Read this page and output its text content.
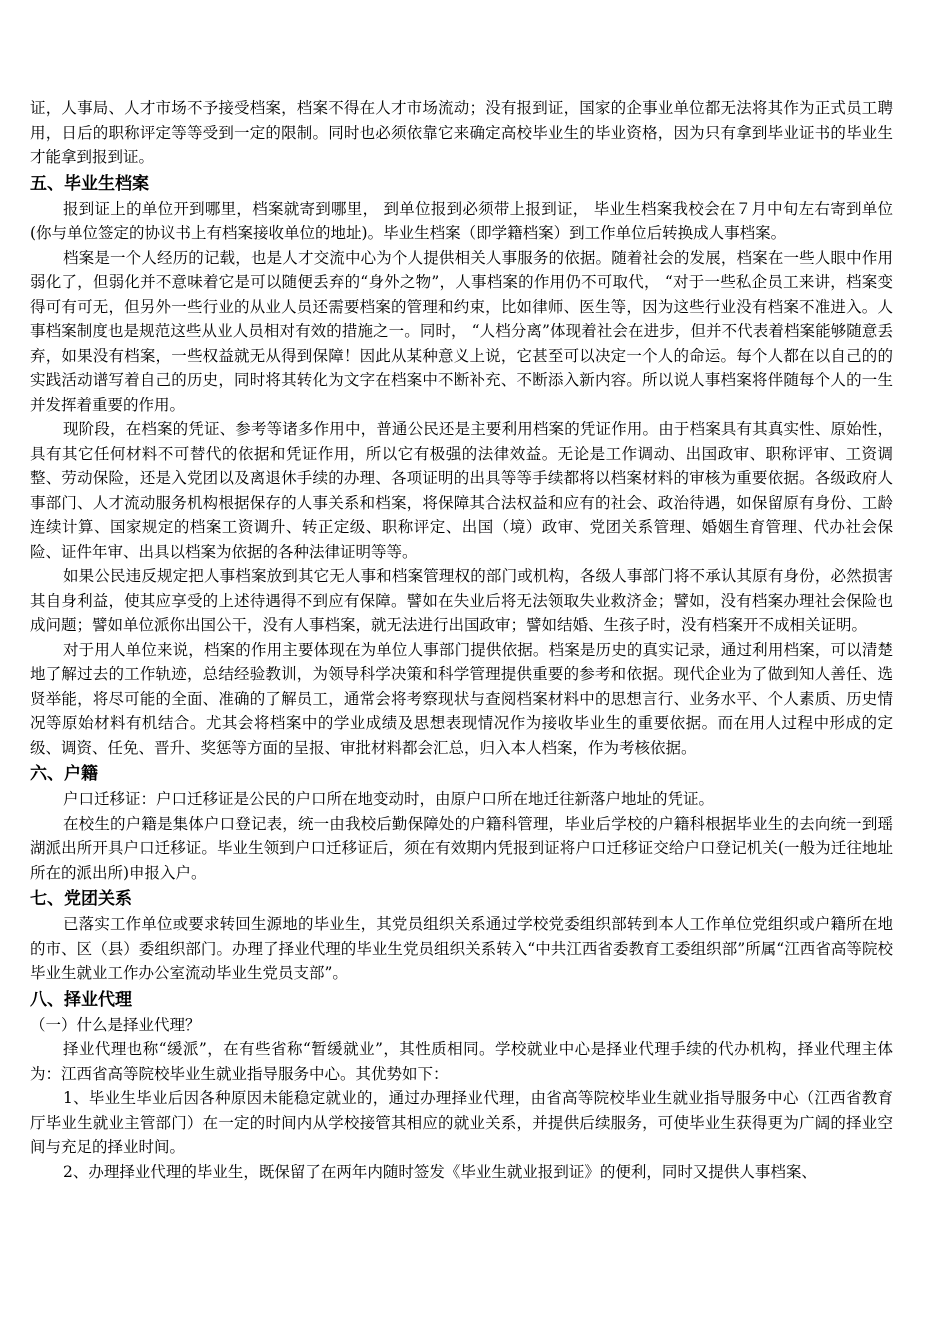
证，人事局、人才市场不予接受档案，档案不得在人才市场流动；没有报到证，国家的企事业单位都无法将其作为正式员工聘用，日后的职称评定等等受到一定的限制。同时也必须依靠它来确定高校毕业生的毕业资格，因为只有拿到毕业证书的毕业生才能拿到报到证。

五、毕业生档案

报到证上的单位开到哪里，档案就寄到哪里， 到单位报到必须带上报到证， 毕业生档案我校会在７月中旬左右寄到单位(你与单位签定的协议书上有档案接收单位的地址)。毕业生档案（即学籍档案）到工作单位后转换成人事档案。

档案是一个人经历的记载，也是人才交流中心为个人提供相关人事服务的依据。随着社会的发展，档案在一些人眼中作用弱化了，但弱化并不意味着它是可以随便丢弃的“身外之物”，人事档案的作用仍不可取代， “对于一些私企员工来讲，档案变得可有可无，但另外一些行业的从业人员还需要档案的管理和约束，比如律师、医生等，因为这些行业没有档案不准进入。人事档案制度也是规范这些从业人员相对有效的措施之一。同时， “人档分离”体现着社会在进步，但并不代表着档案能够随意丢弃，如果没有档案，一些权益就无从得到保障！因此从某种意义上说，它甚至可以决定一个人的命运。每个人都在以自己的的实践活动谱写着自己的历史，同时将其转化为文字在档案中不断补充、不断添入新内容。所以说人事档案将伴随每个人的一生并发挥着重要的作用。

现阶段，在档案的凭证、参考等诸多作用中，普通公民还是主要利用档案的凭证作用。由于档案具有其真实性、原始性，具有其它任何材料不可替代的依据和凭证作用，所以它有极强的法律效益。无论是工作调动、出国政审、职称评审、工资调整、劳动保险，还是入党团以及离退休手续的办理、各项证明的出具等等手续都将以档案材料的审核为重要依据。各级政府人事部门、人才流动服务机构根据保存的人事关系和档案，将保障其合法权益和应有的社会、政治待遇，如保留原有身份、工龄连续计算、国家规定的档案工资调升、转正定级、职称评定、出国（境）政审、党团关系管理、婚姻生育管理、代办社会保险、证件年审、出具以档案为依据的各种法律证明等等。

如果公民违反规定把人事档案放到其它无人事和档案管理权的部门或机构，各级人事部门将不承认其原有身份，必然损害其自身利益，使其应享受的上述待遇得不到应有保障。譬如在失业后将无法领取失业救济金；譬如，没有档案办理社会保险也成问题；譬如单位派你出国公干，没有人事档案，就无法进行出国政审；譬如结婚、生孩子时，没有档案开不成相关证明。

对于用人单位来说，档案的作用主要体现在为单位人事部门提供依据。档案是历史的真实记录，通过利用档案，可以清楚地了解过去的工作轨迹，总结经验教训，为领导科学决策和科学管理提供重要的参考和依据。现代企业为了做到知人善任、选贤举能，将尽可能的全面、准确的了解员工，通常会将考察现状与查阅档案材料中的思想言行、业务水平、个人素质、历史情况等原始材料有机结合。尤其会将档案中的学业成绩及思想表现情况作为接收毕业生的重要依据。而在用人过程中形成的定级、调资、任免、晋升、奖惩等方面的呈报、审批材料都会汇总，归入本人档案，作为考核依据。

六、户籍

户口迁移证：户口迁移证是公民的户口所在地变动时，由原户口所在地迁往新落户地址的凭证。

在校生的户籍是集体户口登记表，统一由我校后勤保障处的户籍科管理，毕业后学校的户籍科根据毕业生的去向统一到瑶湖派出所开具户口迁移证。毕业生领到户口迁移证后，须在有效期内凭报到证将户口迁移证交给户口登记机关(一般为迁往地址所在的派出所)申报入户。

七、党团关系

已落实工作单位或要求转回生源地的毕业生，其党员组织关系通过学校党委组织部转到本人工作单位党组织或户籍所在地的市、区（县）委组织部门。办理了择业代理的毕业生党员组织关系转入“中共江西省委教育工委组织部”所属“江西省高等院校毕业生就业工作办公室流动毕业生党员支部”。

八、择业代理

（一）什么是择业代理？

择业代理也称“缓派”，在有些省称“暂缓就业”，其性质相同。学校就业中心是择业代理手续的代办机构，择业代理主体为：江西省高等院校毕业生就业指导服务中心。其优势如下：

1、毕业生毕业后因各种原因未能稳定就业的，通过办理择业代理，由省高等院校毕业生就业指导服务中心（江西省教育厅毕业生就业主管部门）在一定的时间内从学校接管其相应的就业关系，并提供后续服务，可使毕业生获得更为广阔的择业空间与充足的择业时间。

2、办理择业代理的毕业生，既保留了在两年内随时签发《毕业生就业报到证》的便利，同时又提供人事档案、
